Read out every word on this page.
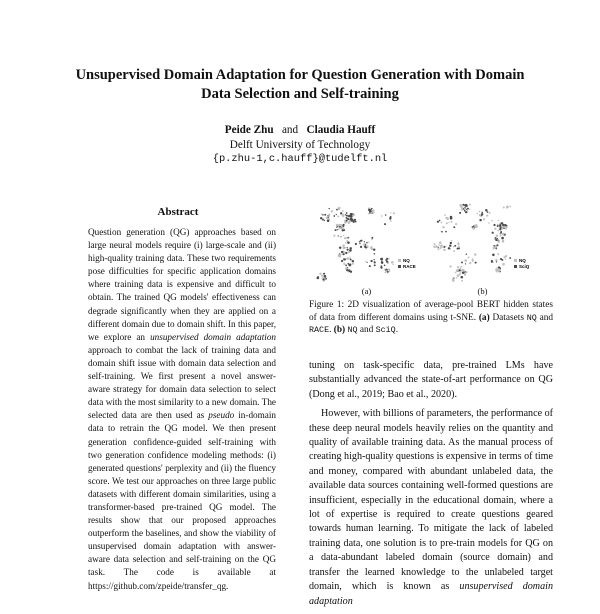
Unsupervised Domain Adaptation for Question Generation with Domain
Data Selection and Self-training
Peide Zhu and Claudia Hauff
Delft University of Technology
{p.zhu-1,c.hauff}@tudelft.nl
Abstract
Question generation (QG) approaches based on large neural models require (i) large-scale and (ii) high-quality training data. These two requirements pose difficulties for specific application domains where training data is expensive and difficult to obtain. The trained QG models' effectiveness can degrade significantly when they are applied on a different domain due to domain shift. In this paper, we explore an unsupervised domain adaptation approach to combat the lack of training data and domain shift issue with domain data selection and self-training. We first present a novel answer-aware strategy for domain data selection to select data with the most similarity to a new domain. The selected data are then used as pseudo in-domain data to retrain the QG model. We then present generation confidence-guided self-training with two generation confidence modeling methods: (i) generated questions' perplexity and (ii) the fluency score. We test our approaches on three large public datasets with different domain similarities, using a transformer-based pre-trained QG model. The results show that our proposed approaches outperform the baselines, and show the viability of unsupervised domain adaptation with answer-aware data selection and self-training on the QG task. The code is available at https://github.com/zpeide/transfer_qg.
NQ
RACE
(a)
NQ
SciQ
(b)
Figure 1: 2D visualization of average-pool BERT hidden states of data from different domains using t-SNE. (a) Datasets NQ and RACE. (b) NQ and SciQ.

tuning on task-specific data, pre-trained LMs have substantially advanced the state-of-art performance on QG (Dong et al., 2019; Bao et al., 2020).

However, with billions of parameters, the performance of these deep neural models heavily relies on the quantity and quality of available training data. As the manual process of creating high-quality questions is expensive in terms of time and money, compared with abundant unlabeled data, the available data sources containing well-formed questions are insufficient, especially in the educational domain, where a lot of expertise is required to create questions geared towards human learning. To mitigate the lack of labeled training data, one solution is to pre-train models for QG on a data-abundant labeled domain (source domain) and transfer the learned knowledge to the unlabeled target domain, which is known as unsupervised domain adaptation
